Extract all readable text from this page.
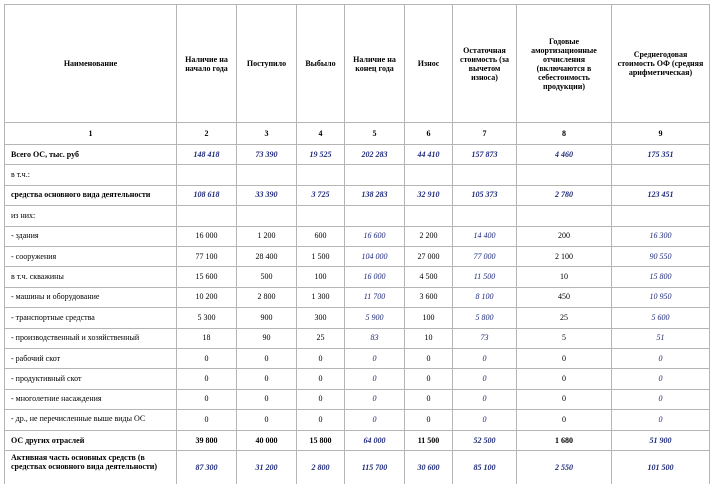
Наименование	Наличие на начало года	Поступило	Выбыло	Наличие на конец года	Износ	Остаточная стоимость (за вычетом износа)	Годовые амортизационные отчисления (включаются в себестоимость продукции)	Среднегодовая стоимость ОФ (средняя арифметическая)
1	2	3	4	5	6	7	8	9
Всего ОС, тыс. руб	148 418	73 390	19 525	202 283	44 410	157 873	4 460	175 351
в т.ч.:								
средства основного вида деятельности	108 618	33 390	3 725	138 283	32 910	105 373	2 780	123 451
из них:								
- здания	16 000	1 200	600	16 600	2 200	14 400	200	16 300
- сооружения	77 100	28 400	1 500	104 000	27 000	77 000	2 100	90 550
в т.ч. скважины	15 600	500	100	16 000	4 500	11 500	10	15 800
- машины и оборудование	10 200	2 800	1 300	11 700	3 600	8 100	450	10 950
- транспортные средства	5 300	900	300	5 900	100	5 800	25	5 600
- производственный и хозяйственный	18	90	25	83	10	73	5	51
- рабочий скот	0	0	0	0	0	0	0	0
- продуктивный скот	0	0	0	0	0	0	0	0
- многолетние насаждения	0	0	0	0	0	0	0	0
- др., не перечисленные выше виды ОС	0	0	0	0	0	0	0	0
ОС других отраслей	39 800	40 000	15 800	64 000	11 500	52 500	1 680	51 900
Активная часть основных средств (в средствах основного вида деятельности)	87 300	31 200	2 800	115 700	30 600	85 100	2 550	101 500
